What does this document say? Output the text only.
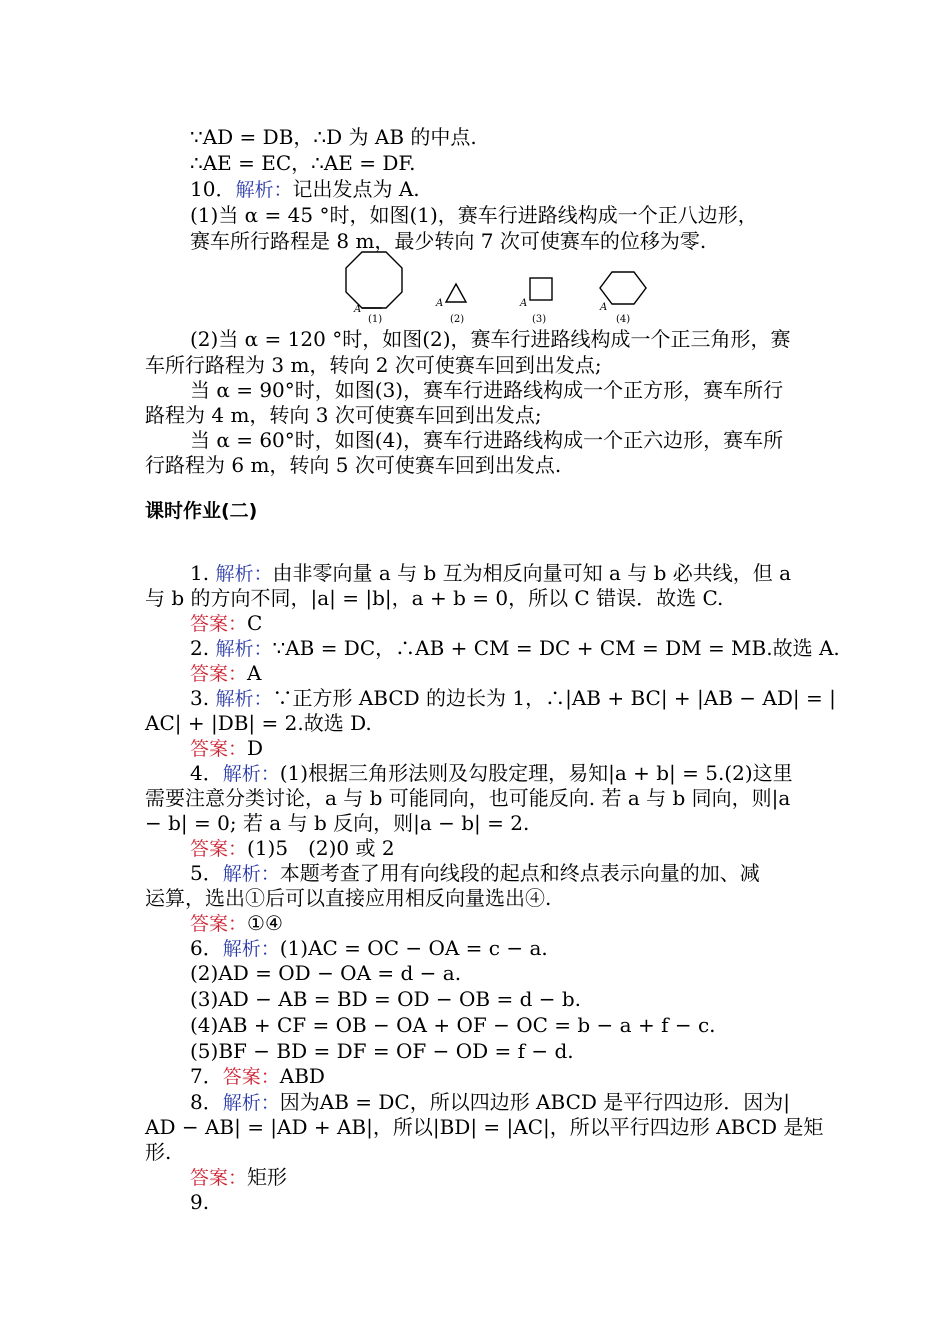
∵AD = DB，∴D 为 AB 的中点.
∴AE = EC，∴AE = DF.
10．解析：记出发点为 A.
(1)当 α = 45 °时，如图(1)，赛车行进路线构成一个正八边形，
赛车所行路程是 8 m，最少转向 7 次可使赛车的位移为零.
A
(1)
A
(2)
A
(3)
A
(4)
(2)当 α = 120 °时，如图(2)，赛车行进路线构成一个正三角形，赛
车所行路程为 3 m，转向 2 次可使赛车回到出发点;
当 α = 90°时，如图(3)，赛车行进路线构成一个正方形，赛车所行
路程为 4 m，转向 3 次可使赛车回到出发点;
当 α = 60°时，如图(4)，赛车行进路线构成一个正六边形，赛车所
行路程为 6 m，转向 5 次可使赛车回到出发点.
课时作业(二)
1. 解析：由非零向量 a 与 b 互为相反向量可知 a 与 b 必共线，但 a
与 b 的方向不同，|a| = |b|，a + b = 0，所以 C 错误．故选 C.
答案：C
2. 解析：∵AB = DC，∴AB + CM = DC + CM = DM = MB.故选 A.
答案：A
3. 解析：∵正方形 ABCD 的边长为 1，∴|AB + BC| + |AB − AD| = |
AC| + |DB| = 2.故选 D.
答案：D
4．解析：(1)根据三角形法则及勾股定理，易知|a + b| = 5.(2)这里
需要注意分类讨论，a 与 b 可能同向，也可能反向. 若 a 与 b 同向，则|a
− b| = 0; 若 a 与 b 反向，则|a − b| = 2.
答案：(1)5　(2)0 或 2
5．解析：本题考查了用有向线段的起点和终点表示向量的加、减
运算，选出①后可以直接应用相反向量选出④.
答案：①④
6．解析：(1)AC = OC − OA = c − a.
(2)AD = OD − OA = d − a.
(3)AD − AB = BD = OD − OB = d − b.
(4)AB + CF = OB − OA + OF − OC = b − a + f − c.
(5)BF − BD = DF = OF − OD = f − d.
7．答案：ABD
8．解析：因为AB = DC，所以四边形 ABCD 是平行四边形．因为|
AD − AB| = |AD + AB|，所以|BD| = |AC|，所以平行四边形 ABCD 是矩
形.
答案：矩形
9.
